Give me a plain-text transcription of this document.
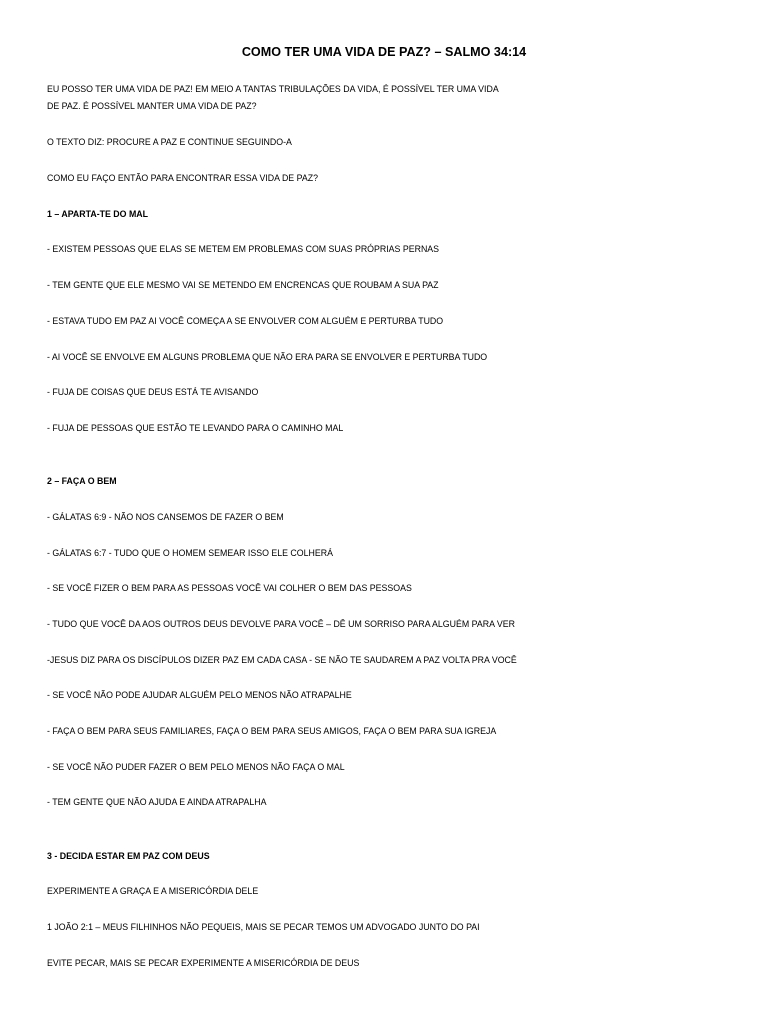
COMO TER UMA VIDA DE PAZ? – SALMO 34:14
EU POSSO TER UMA VIDA DE PAZ! EM MEIO A TANTAS TRIBULAÇÕES DA VIDA, É POSSÍVEL TER UMA VIDA
DE PAZ. É POSSÍVEL MANTER UMA VIDA DE PAZ?
O TEXTO DIZ: PROCURE A PAZ E CONTINUE SEGUINDO-A
COMO EU FAÇO ENTÃO PARA ENCONTRAR ESSA VIDA DE PAZ?
1 – APARTA-TE DO MAL
- EXISTEM PESSOAS QUE ELAS SE METEM EM PROBLEMAS COM SUAS PRÓPRIAS PERNAS
- TEM GENTE QUE ELE MESMO VAI SE METENDO EM ENCRENCAS QUE ROUBAM A SUA PAZ
- ESTAVA TUDO EM PAZ AI VOCÊ COMEÇA A SE ENVOLVER COM ALGUÉM E PERTURBA TUDO
- AI VOCÊ SE ENVOLVE EM ALGUNS PROBLEMA QUE NÃO ERA PARA SE ENVOLVER E PERTURBA TUDO
- FUJA DE COISAS QUE DEUS ESTÁ TE AVISANDO
- FUJA DE PESSOAS QUE ESTÃO TE LEVANDO PARA O CAMINHO MAL
2 – FAÇA O BEM
- GÁLATAS 6:9 - NÃO NOS CANSEMOS DE FAZER O BEM
- GÁLATAS 6:7 - TUDO QUE O HOMEM SEMEAR ISSO ELE COLHERÁ
- SE VOCÊ FIZER O BEM PARA AS PESSOAS VOCÊ VAI COLHER O BEM DAS PESSOAS
- TUDO QUE VOCÊ DA AOS OUTROS DEUS DEVOLVE PARA VOCÊ – DÊ UM SORRISO PARA ALGUÉM PARA VER
-JESUS DIZ PARA OS DISCÍPULOS DIZER PAZ EM CADA CASA - SE NÃO TE SAUDAREM A PAZ VOLTA PRA VOCÊ
- SE VOCÊ NÃO PODE AJUDAR ALGUÉM PELO MENOS NÃO ATRAPALHE
- FAÇA O BEM PARA SEUS FAMILIARES, FAÇA O BEM PARA SEUS AMIGOS, FAÇA O BEM PARA SUA IGREJA
- SE VOCÊ NÃO PUDER FAZER O BEM PELO MENOS NÃO FAÇA O MAL
- TEM GENTE QUE NÃO AJUDA E AINDA ATRAPALHA
3 - DECIDA ESTAR EM PAZ COM DEUS
EXPERIMENTE A GRAÇA E A MISERICÓRDIA DELE
1 JOÃO 2:1 – MEUS FILHINHOS NÃO PEQUEIS, MAIS SE PECAR TEMOS UM ADVOGADO JUNTO DO PAI
EVITE PECAR, MAIS SE PECAR EXPERIMENTE A MISERICÓRDIA DE DEUS
